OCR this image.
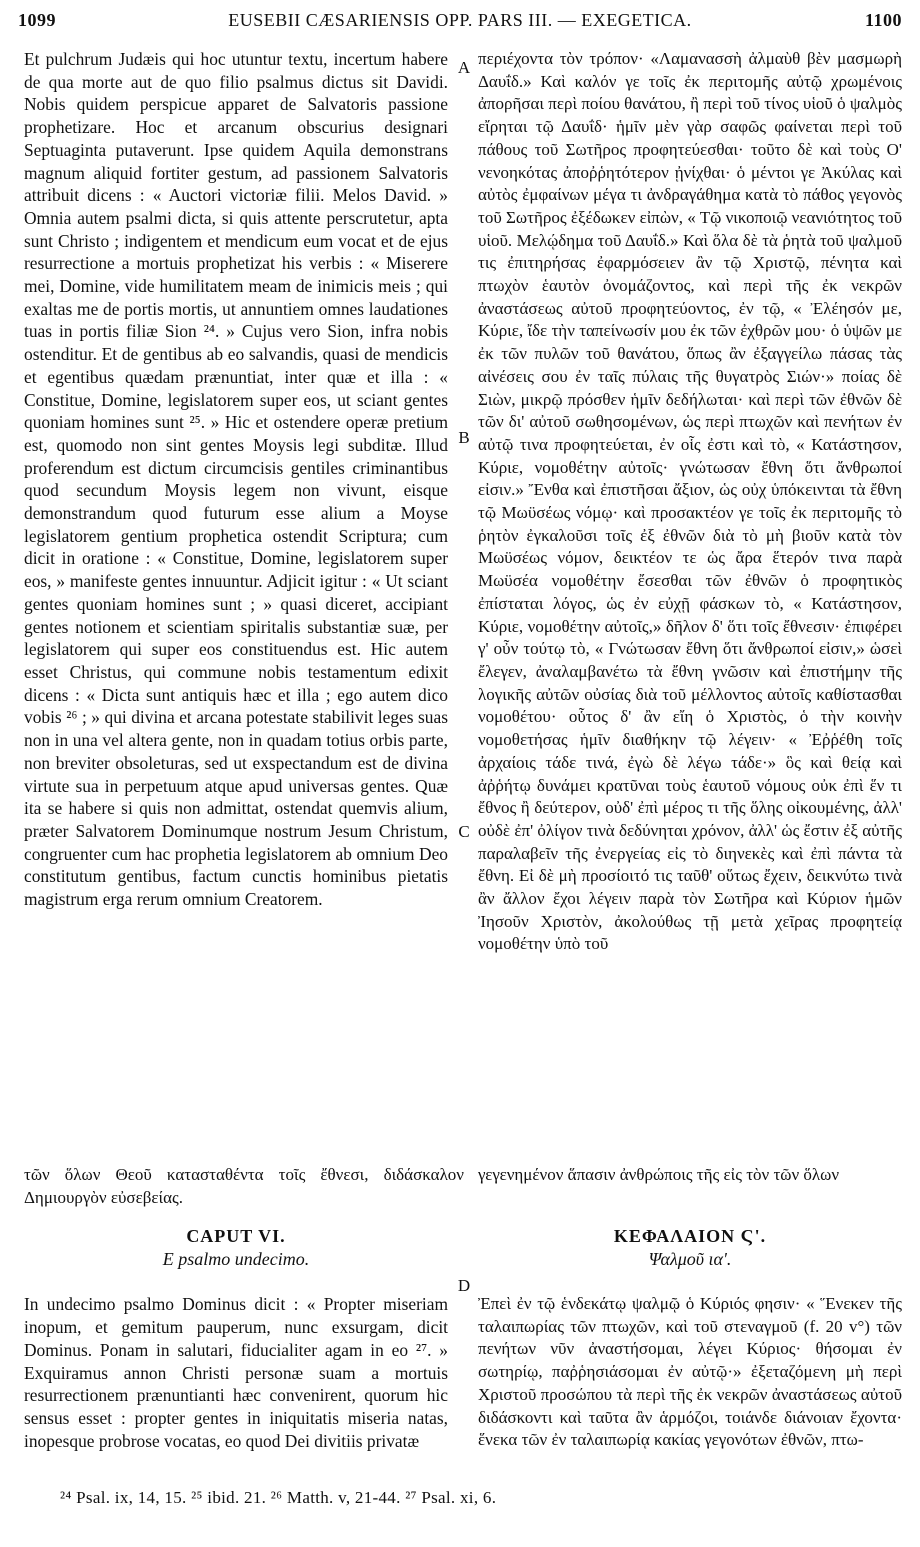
1099	EUSEBII CÆSARIENSIS OPP. PARS III. — EXEGETICA.	1100
A
B
C
D

Et pulchrum Judæis qui hoc utuntur textu, incertum habere de qua morte aut de quo filio psalmus dictus sit Davidi. Nobis quidem perspicue apparet de Salvatoris passione prophetizare. Hoc et arcanum obscurius designari Septuaginta putaverunt. Ipse quidem Aquila demonstrans magnum aliquid fortiter gestum, ad passionem Salvatoris attribuit dicens : « Auctori victoriæ filii. Melos David. » Omnia autem psalmi dicta, si quis attente perscrutetur, apta sunt Christo ; indigentem et mendicum eum vocat et de ejus resurrectione a mortuis prophetizat his verbis : « Miserere mei, Domine, vide humilitatem meam de inimicis meis ; qui exaltas me de portis mortis, ut annuntiem omnes laudationes tuas in portis filiæ Sion ²⁴. » Cujus vero Sion, infra nobis ostenditur. Et de gentibus ab eo salvandis, quasi de mendicis et egentibus quædam prænuntiat, inter quæ et illa : « Constitue, Domine, legislatorem super eos, ut sciant gentes quoniam homines sunt ²⁵. » Hic et ostendere operæ pretium est, quomodo non sint gentes Moysis legi subditæ. Illud proferendum est dictum circumcisis gentiles criminantibus quod secundum Moysis legem non vivunt, eisque demonstrandum quod futurum esse alium a Moyse legislatorem gentium prophetica ostendit Scriptura; cum dicit in oratione : « Constitue, Domine, legislatorem super eos, » manifeste gentes innuuntur. Adjicit igitur : « Ut sciant gentes quoniam homines sunt ; » quasi diceret, accipiant gentes notionem et scientiam spiritalis substantiæ suæ, per legislatorem qui super eos constituendus est. Hic autem esset Christus, qui commune nobis testamentum edixit dicens : « Dicta sunt antiquis hæc et illa ; ego autem dico vobis ²⁶ ; » qui divina et arcana potestate stabilivit leges suas non in una vel altera gente, non in quadam totius orbis parte, non breviter obsoleturas, sed ut exspectandum est de divina virtute sua in perpetuum atque apud universas gentes. Quæ ita se habere si quis non admittat, ostendat quemvis alium, præter Salvatorem Dominumque nostrum Jesum Christum, congruenter cum hac prophetia legislatorem ab omnium Deo constitutum gentibus, factum cunctis hominibus pietatis magistrum erga rerum omnium Creatorem.

περιέχοντα τὸν τρόπον· «Λαμανασσὴ ἀλμαὺθ βὲν μασμωρὴ Δαυΐδ.» Καὶ καλόν γε τοῖς ἐκ περιτομῆς αὐτῷ χρωμένοις ἀπορῆσαι περὶ ποίου θανάτου, ἢ περὶ τοῦ τίνος υἱοῦ ὁ ψαλμὸς εἴρηται τῷ Δαυΐδ· ἡμῖν μὲν γὰρ σαφῶς φαίνεται περὶ τοῦ πάθους τοῦ Σωτῆρος προφητεύεσθαι· τοῦτο δὲ καὶ τοὺς Ο' νενοηκότας ἀποῤῥητότερον ᾐνίχθαι· ὁ μέντοι γε Ἀκύλας καὶ αὐτὸς ἐμφαίνων μέγα τι ἀνδραγάθημα κατὰ τὸ πάθος γεγονὸς τοῦ Σωτῆρος ἐξέδωκεν εἰπὼν, « Τῷ νικοποιῷ νεανιότητος τοῦ υἱοῦ. Μελῴδημα τοῦ Δαυΐδ.» Καὶ ὅλα δὲ τὰ ῥητὰ τοῦ ψαλμοῦ τις ἐπιτηρήσας ἐφαρμόσειεν ἂν τῷ Χριστῷ, πένητα καὶ πτωχὸν ἑαυτὸν ὀνομάζοντος, καὶ περὶ τῆς ἐκ νεκρῶν ἀναστάσεως αὐτοῦ προφητεύοντος, ἐν τῷ, « Ἐλέησόν με, Κύριε, ἴδε τὴν ταπείνωσίν μου ἐκ τῶν ἐχθρῶν μου· ὁ ὑψῶν με ἐκ τῶν πυλῶν τοῦ θανάτου, ὅπως ἂν ἐξαγγείλω πάσας τὰς αἰνέσεις σου ἐν ταῖς πύλαις τῆς θυγατρὸς Σιών·» ποίας δὲ Σιὼν, μικρῷ πρόσθεν ἡμῖν δεδήλωται· καὶ περὶ τῶν ἐθνῶν δὲ τῶν δι' αὐτοῦ σωθησομένων, ὡς περὶ πτωχῶν καὶ πενήτων ἐν αὐτῷ τινα προφητεύεται, ἐν οἷς ἐστι καὶ τὸ, « Κατάστησον, Κύριε, νομοθέτην αὐτοῖς· γνώτωσαν ἔθνη ὅτι ἄνθρωποί εἰσιν.» Ἔνθα καὶ ἐπιστῆσαι ἄξιον, ὡς οὐχ ὑπόκεινται τὰ ἔθνη τῷ Μωϋσέως νόμῳ· καὶ προσακτέον γε τοῖς ἐκ περιτομῆς τὸ ῥητὸν ἐγκαλοῦσι τοῖς ἐξ ἐθνῶν διὰ τὸ μὴ βιοῦν κατὰ τὸν Μωϋσέως νόμον, δεικτέον τε ὡς ἄρα ἕτερόν τινα παρὰ Μωϋσέα νομοθέτην ἔσεσθαι τῶν ἐθνῶν ὁ προφητικὸς ἐπίσταται λόγος, ὡς ἐν εὐχῇ φάσκων τὸ, « Κατάστησον, Κύριε, νομοθέτην αὐτοῖς,» δῆλον δ' ὅτι τοῖς ἔθνεσιν· ἐπιφέρει γ' οὖν τούτῳ τὸ, « Γνώτωσαν ἔθνη ὅτι ἄνθρωποί εἰσιν,» ὡσεὶ ἔλεγεν, ἀναλαμβανέτω τὰ ἔθνη γνῶσιν καὶ ἐπιστήμην τῆς λογικῆς αὐτῶν οὐσίας διὰ τοῦ μέλλοντος αὐτοῖς καθίστασθαι νομοθέτου· οὗτος δ' ἂν εἴη ὁ Χριστὸς, ὁ τὴν κοινὴν νομοθετήσας ἡμῖν διαθήκην τῷ λέγειν· « Ἐῤῥέθη τοῖς ἀρχαίοις τάδε τινά, ἐγὼ δὲ λέγω τάδε·» ὃς καὶ θείᾳ καὶ ἀῤῥήτῳ δυνάμει κρατῦναι τοὺς ἑαυτοῦ νόμους οὐκ ἐπὶ ἕν τι ἔθνος ἢ δεύτερον, οὐδ' ἐπὶ μέρος τι τῆς ὅλης οἰκουμένης, ἀλλ' οὐδὲ ἐπ' ὀλίγον τινὰ δεδύνηται χρόνον, ἀλλ' ὡς ἔστιν ἐξ αὐτῆς παραλαβεῖν τῆς ἐνεργείας εἰς τὸ διηνεκὲς καὶ ἐπὶ πάντα τὰ ἔθνη. Εἰ δὲ μὴ προσίοιτό τις ταῦθ' οὕτως ἔχειν, δεικνύτω τινὰ ἂν ἄλλον ἔχοι λέγειν παρὰ τὸν Σωτῆρα καὶ Κύριον ἡμῶν Ἰησοῦν Χριστὸν, ἀκολούθως τῇ μετὰ χεῖρας προφητείᾳ νομοθέτην ὑπὸ τοῦ

τῶν ὅλων Θεοῦ κατασταθέντα τοῖς ἔθνεσι, διδάσκαλον Δημιουργὸν εὐσεβείας.
γεγενημένον ἅπασιν ἀνθρώποις τῆς εἰς τὸν τῶν ὅλων
CAPUT VI.
E psalmo undecimo.
ΚΕΦΑΛΑΙΟΝ Ϛ'.
Ψαλμοῦ ια'.

In undecimo psalmo Dominus dicit : « Propter miseriam inopum, et gemitum pauperum, nunc exsurgam, dicit Dominus. Ponam in salutari, fiducialiter agam in eo ²⁷. » Exquiramus annon Christi personæ suam a mortuis resurrectionem prænuntianti hæc convenirent, quorum hic sensus esset : propter gentes in iniquitatis miseria natas, inopesque probrose vocatas, eo quod Dei divitiis privatæ

Ἐπεὶ ἐν τῷ ἑνδεκάτῳ ψαλμῷ ὁ Κύριός φησιν· « Ἕνεκεν τῆς ταλαιπωρίας τῶν πτωχῶν, καὶ τοῦ στεναγμοῦ (f. 20 v°) τῶν πενήτων νῦν ἀναστήσομαι, λέγει Κύριος· θήσομαι ἐν σωτηρίῳ, παῤῥησιάσομαι ἐν αὐτῷ·» ἐξεταζόμενη μὴ περὶ Χριστοῦ προσώπου τὰ περὶ τῆς ἐκ νεκρῶν ἀναστάσεως αὐτοῦ διδάσκοντι καὶ ταῦτα ἂν ἁρμόζοι, τοιάνδε διάνοιαν ἔχοντα· ἕνεκα τῶν ἐν ταλαιπωρίᾳ κακίας γεγονότων ἐθνῶν, πτω-

²⁴ Psal. ix, 14, 15. ²⁵ ibid. 21. ²⁶ Matth. v, 21-44. ²⁷ Psal. xi, 6.
